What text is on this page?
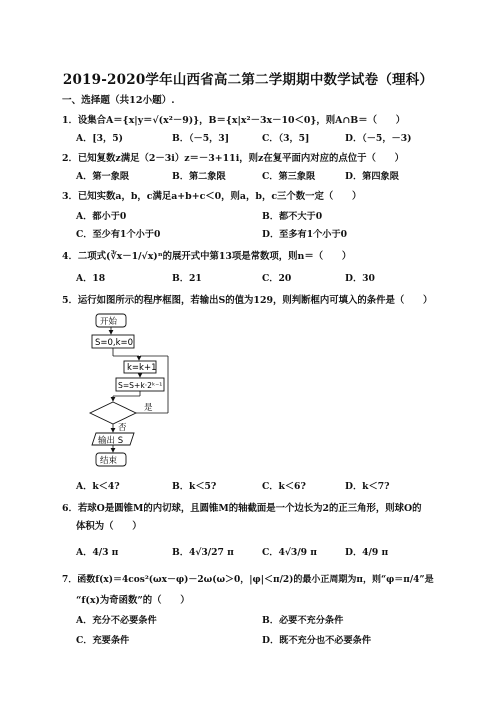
2019-2020学年山西省高二第二学期期中数学试卷（理科）
一、选择题（共12小题）.
1．设集合A＝{x|y＝√(x²－9)}，B＝{x|x²－3x－10＜0}，则A∩B＝（　　）
A．[3，5)	B．（－5，3]	C．（3，5]	D．（－5，－3)
2．已知复数z满足（2－3i）z＝－3+11i，则z在复平面内对应的点位于（　　）
A．第一象限	B．第二象限	C．第三象限	D．第四象限
3．已知实数a，b，c满足a+b+c＜0，则a，b，c三个数一定（　　）
A．都小于0	B．都不大于0
C．至少有1个小于0	D．至多有1个小于0
4．二项式(∛x－1/√x)ⁿ的展开式中第13项是常数项，则n＝（　　）
A．18	B．21	C．20	D．30
5．运行如图所示的程序框图，若输出S的值为129，则判断框内可填入的条件是（　　）
开始
S=0,k=0
k=k+1
S=S+k·2ᵏ⁻¹
是
否
输出 S
结束
A．k＜4?	B．k＜5?	C．k＜6?	D．k＜7?
6．若球O是圆锥M的内切球，且圆锥M的轴截面是一个边长为2的正三角形，则球O的
体积为（　　）
A．4/3 π	B．4√3/27 π	C．4√3/9 π	D．4/9 π
7．函数f(x)＝4cos²(ωx－φ)－2ω(ω＞0，|φ|＜π/2)的最小正周期为π，则“φ＝π/4”是
“f(x)为奇函数”的（　　）
A．充分不必要条件	B．必要不充分条件
C．充要条件	D．既不充分也不必要条件
